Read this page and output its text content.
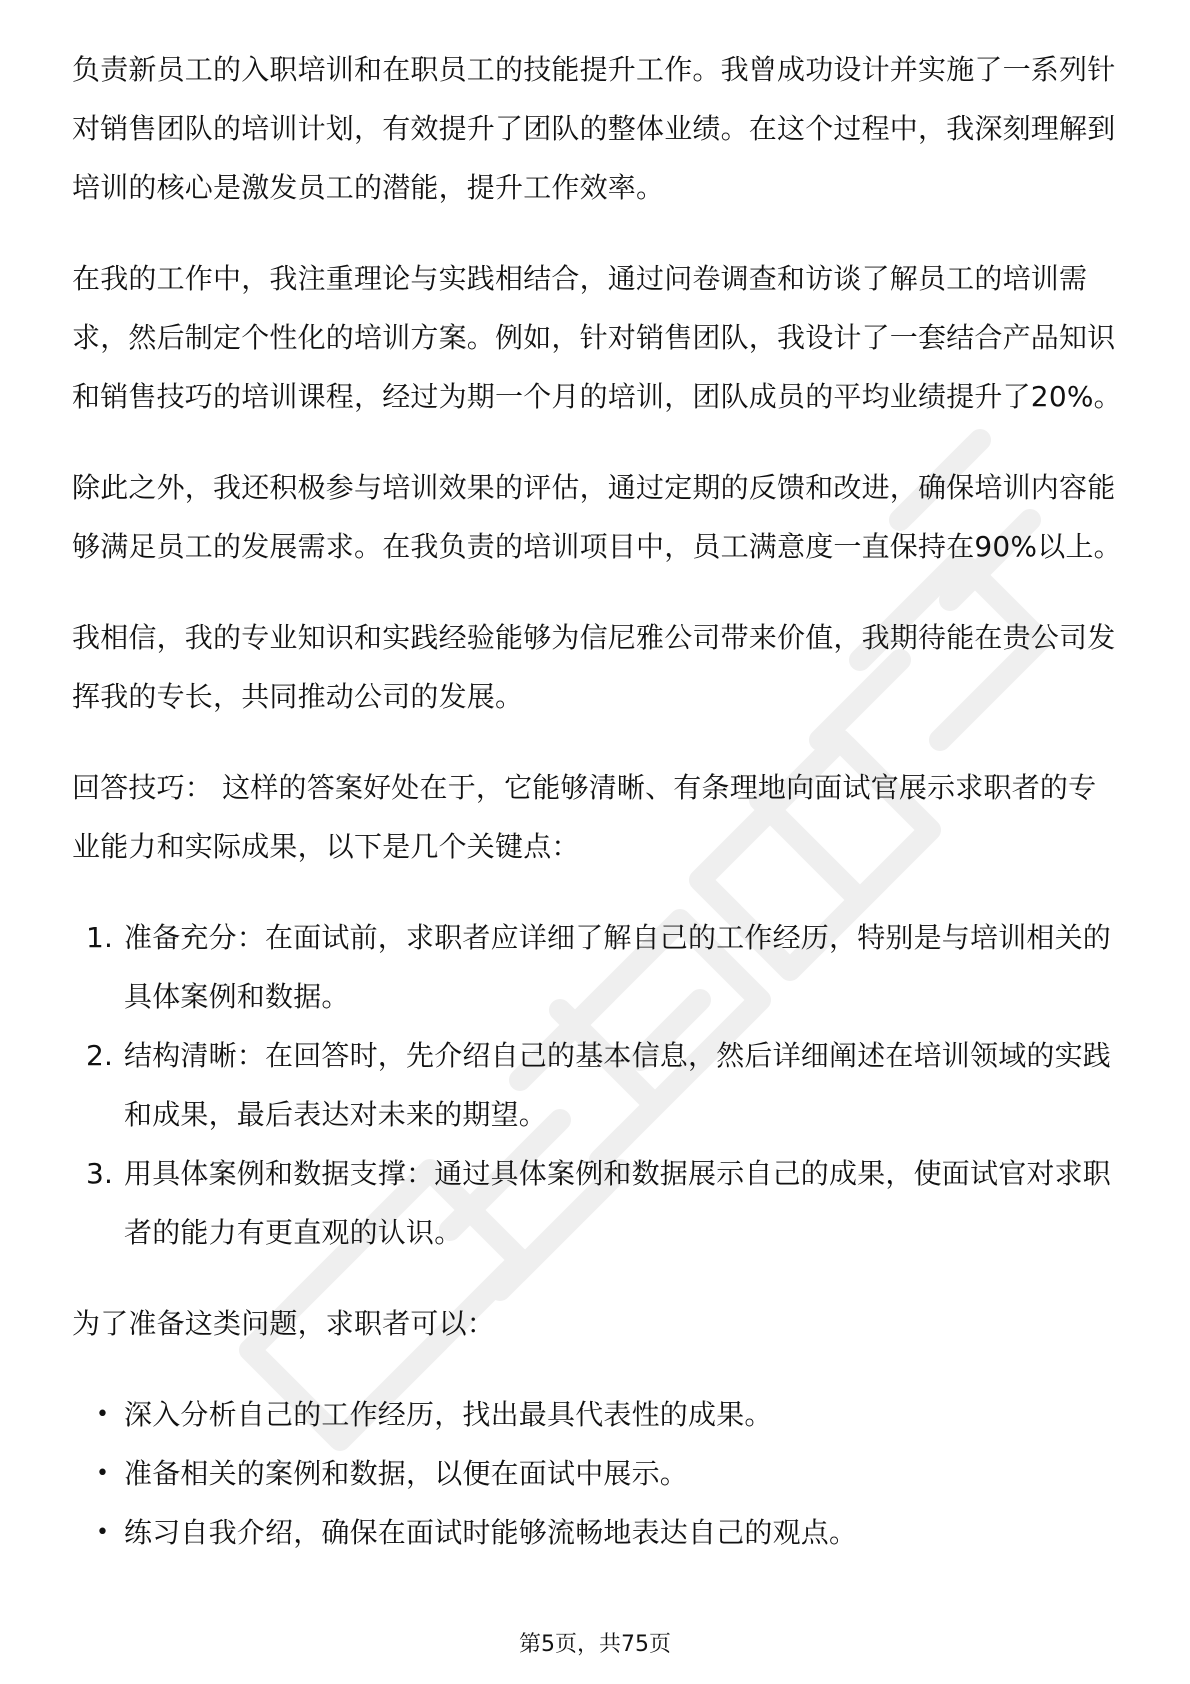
负责新员工的入职培训和在职员工的技能提升工作。我曾成功设计并实施了一系列针对销售团队的培训计划，有效提升了团队的整体业绩。在这个过程中，我深刻理解到培训的核心是激发员工的潜能，提升工作效率。

在我的工作中，我注重理论与实践相结合，通过问卷调查和访谈了解员工的培训需求，然后制定个性化的培训方案。例如，针对销售团队，我设计了一套结合产品知识和销售技巧的培训课程，经过为期一个月的培训，团队成员的平均业绩提升了20%。

除此之外，我还积极参与培训效果的评估，通过定期的反馈和改进，确保培训内容能够满足员工的发展需求。在我负责的培训项目中，员工满意度一直保持在90%以上。

我相信，我的专业知识和实践经验能够为信尼雅公司带来价值，我期待能在贵公司发挥我的专长，共同推动公司的发展。

回答技巧： 这样的答案好处在于，它能够清晰、有条理地向面试官展示求职者的专业能力和实际成果，以下是几个关键点：

1. 准备充分：在面试前，求职者应详细了解自己的工作经历，特别是与培训相关的具体案例和数据。
2. 结构清晰：在回答时，先介绍自己的基本信息，然后详细阐述在培训领域的实践和成果，最后表达对未来的期望。
3. 用具体案例和数据支撑：通过具体案例和数据展示自己的成果，使面试官对求职者的能力有更直观的认识。

为了准备这类问题，求职者可以：

• 深入分析自己的工作经历，找出最具代表性的成果。
• 准备相关的案例和数据，以便在面试中展示。
• 练习自我介绍，确保在面试时能够流畅地表达自己的观点。
第5页，共75页
